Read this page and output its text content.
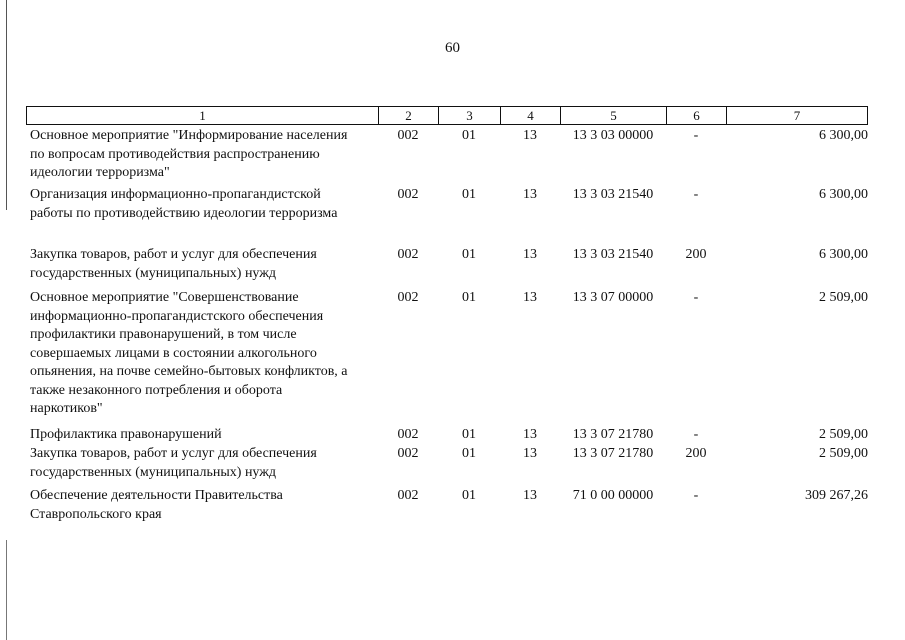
60
1	2	3	4	5	6	7
Основное мероприятие "Информирование населения
по вопросам противодействия распространению
идеологии терроризма"
002	01	13	13 3 03 00000	-	6 300,00
Организация информационно-пропагандистской
работы по противодействию идеологии терроризма
002	01	13	13 3 03 21540	-	6 300,00
Закупка товаров, работ и услуг для обеспечения
государственных (муниципальных) нужд
002	01	13	13 3 03 21540	200	6 300,00
Основное мероприятие "Совершенствование
информационно-пропагандистского обеспечения
профилактики правонарушений, в том числе
совершаемых лицами в состоянии алкогольного
опьянения, на почве семейно-бытовых конфликтов, а
также незаконного потребления и оборота
наркотиков"
002	01	13	13 3 07 00000	-	2 509,00
Профилактика правонарушений	002	01	13	13 3 07 21780	-	2 509,00
Закупка товаров, работ и услуг для обеспечения
государственных (муниципальных) нужд
002	01	13	13 3 07 21780	200	2 509,00
Обеспечение деятельности Правительства
Ставропольского края
002	01	13	71 0 00 00000	-	309 267,26
